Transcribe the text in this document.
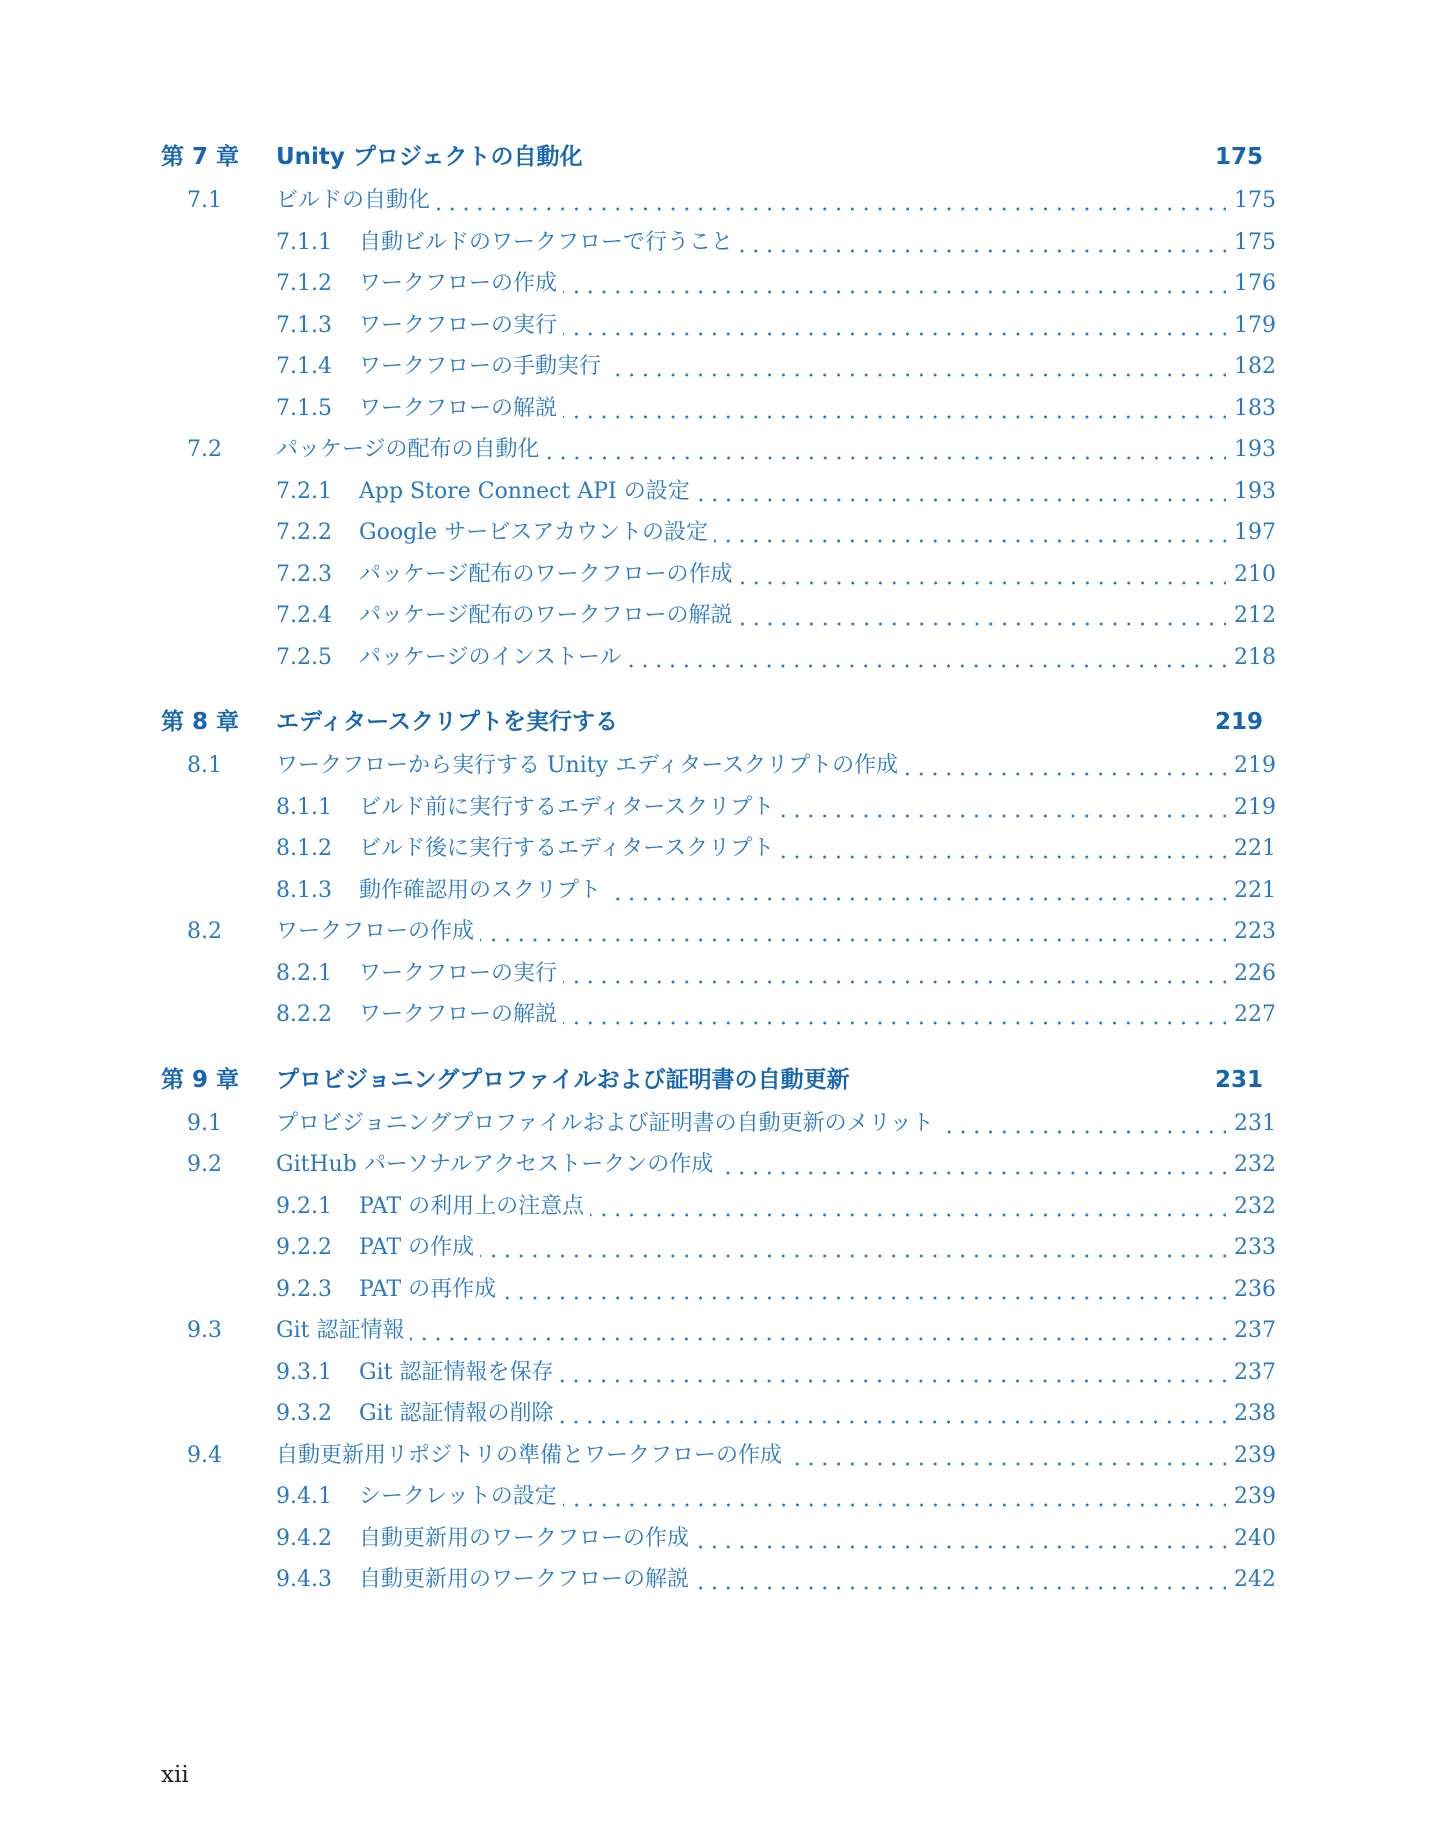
第 7 章 Unity プロジェクトの自動化	175
7.1 ビルドの自動化	175
7.1.1 自動ビルドのワークフローで行うこと	175
7.1.2 ワークフローの作成	176
7.1.3 ワークフローの実行	179
7.1.4 ワークフローの手動実行	182
7.1.5 ワークフローの解説	183
7.2 パッケージの配布の自動化	193
7.2.1 App Store Connect API の設定	193
7.2.2 Google サービスアカウントの設定	197
7.2.3 パッケージ配布のワークフローの作成	210
7.2.4 パッケージ配布のワークフローの解説	212
7.2.5 パッケージのインストール	218
第 8 章 エディタースクリプトを実行する	219
8.1 ワークフローから実行する Unity エディタースクリプトの作成	219
8.1.1 ビルド前に実行するエディタースクリプト	219
8.1.2 ビルド後に実行するエディタースクリプト	221
8.1.3 動作確認用のスクリプト	221
8.2 ワークフローの作成	223
8.2.1 ワークフローの実行	226
8.2.2 ワークフローの解説	227
第 9 章 プロビジョニングプロファイルおよび証明書の自動更新	231
9.1 プロビジョニングプロファイルおよび証明書の自動更新のメリット	231
9.2 GitHub パーソナルアクセストークンの作成	232
9.2.1 PAT の利用上の注意点	232
9.2.2 PAT の作成	233
9.2.3 PAT の再作成	236
9.3 Git 認証情報	237
9.3.1 Git 認証情報を保存	237
9.3.2 Git 認証情報の削除	238
9.4 自動更新用リポジトリの準備とワークフローの作成	239
9.4.1 シークレットの設定	239
9.4.2 自動更新用のワークフローの作成	240
9.4.3 自動更新用のワークフローの解説	242
xii
